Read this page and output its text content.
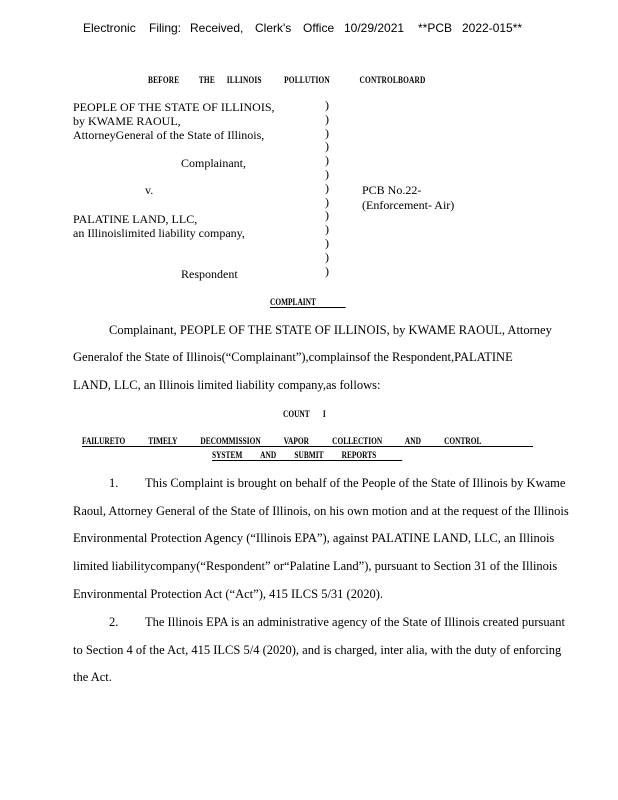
Electronic Filing: Received, Clerk's Office 10/29/2021 **PCB 2022-015**
BEFORE THE ILLINOIS POLLUTION	CONTROLBOARD
PEOPLE OF THE STATE OF ILLINOIS,
by KWAME RAOUL,
AttorneyGeneral of the State of Illinois,
Complainant,
v.	PCB No.22-
(Enforcement- Air)
PALATINE LAND, LLC,
an Illinoislimited liability company,
Respondent
)
)
)
)
)
)
)
)
)
)
)
)
)
COMPLAINT
Complainant, PEOPLE OF THE STATE OF ILLINOIS, by KWAME RAOUL, Attorney
Generalof the State of Illinois(“Complainant”),complainsof the Respondent,PALATINE
LAND, LLC, an Illinois limited liability company,as follows:
COUNT I
FAILURETO TIMELY DECOMMISSION VAPOR COLLECTION AND CONTROL
SYSTEM AND SUBMIT REPORTS
1. This Complaint is brought on behalf of the People of the State of Illinois by Kwame
Raoul, Attorney General of the State of Illinois, on his own motion and at the request of the Illinois
Environmental Protection Agency (“Illinois EPA”), against PALATINE LAND, LLC, an Illinois
limited liabilitycompany(“Respondent” or“Palatine Land”), pursuant to Section 31 of the Illinois
Environmental Protection Act (“Act”), 415 ILCS 5/31 (2020).
2. The Illinois EPA is an administrative agency of the State of Illinois created pursuant
to Section 4 of the Act, 415 ILCS 5/4 (2020), and is charged, inter alia, with the duty of enforcing
the Act.
